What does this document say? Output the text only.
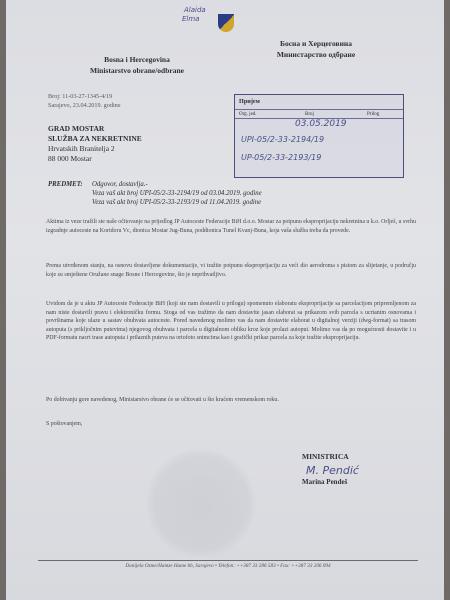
Alaida
Elma
Bosna i Hercegovina
Ministarstvo obrane/odbrane
Босна и Херцеговина
Министарство одбране
Broj: 11-03-27-1345-4/19
Sarajevo, 23.04.2019. godine
Приjем
Org. jed.	Broj	Prilog
03.05.2019
UPI-05/2-33-2194/19
UP-05/2-33-2193/19
GRAD MOSTAR
SLUŽBA ZA NEKRETNINE
Hrvatskih Branitelja 2
88 000 Mostar
PREDMET: Odgovor, dostavlja.-
Veza vaš akt broj UPI-05/2-33-2194/19 od 03.04.2019. godine
Veza vaš akt broj UPI-05/2-33-2193/19 od 11.04.2019. godine
Aktima iz veze tražili ste naše očitovanje na prijedlog JP Autoceste Federacije BiH d.o.o. Mostar za potpunu eksproprijaciju nekretnina u k.o. Orlješ, u svrhu izgradnje autoceste na Koridoru Vc, dionica Mostar Jug-Buna, poddionica Tunel Kvanj-Buna, koja vaša služba treba da provede.
Prema utvrđenom stanju, na osnovu dostavljene dokumentacije, vi tražite potpunu eksproprijaciju za veći dio aerodroma s pistom za slijetanje, u području koje su smještene Oružane snage Bosne i Hercegovine, što je neprihvatljivo.
Uvidom da je u aktu JP Autoceste Federacije BiH (koji ste nam dostavili u prilogu) spomenuto elaboratu eksproprijacije sa parcelacijom pripremljenom za nam niste dostavili pravu i elektroničku formu. Stoga od vas tražimo da nam dostavite jasan elaborat sa prikazom svih parcela s ucrtanim osnovama i površinama koje ulaze u sastav obuhvata autoceste. Pored navedenog molimo vas da nam dostavite elaborat u digitalnoj verziji (dwg-format) sa trasom autoputa (s prikljočnim putevima) njegovog obuhvata i parcela u digitalnom obliku kroz koje prolazi autoput. Molimo vas da po mogućnosti dostavite i u PDF-formatu nacrt trase autoputa i prilaznih puteva na ortofoto snimcima kao i grafički prikaz parcela za koje tražite eksproprijaciju.
Po dobivanju gore navedenog, Ministarstvo obrane će se očitovati u što kraćem vremenskom roku.
S poštovanjem,
MINISTRICA
M. Pendić
Marina Pendeš
Danijela Ozme/Hamze Hume bb, Sarajevo • Telefon: ++387 33 286 583 • Fax: ++387 33 206 094
